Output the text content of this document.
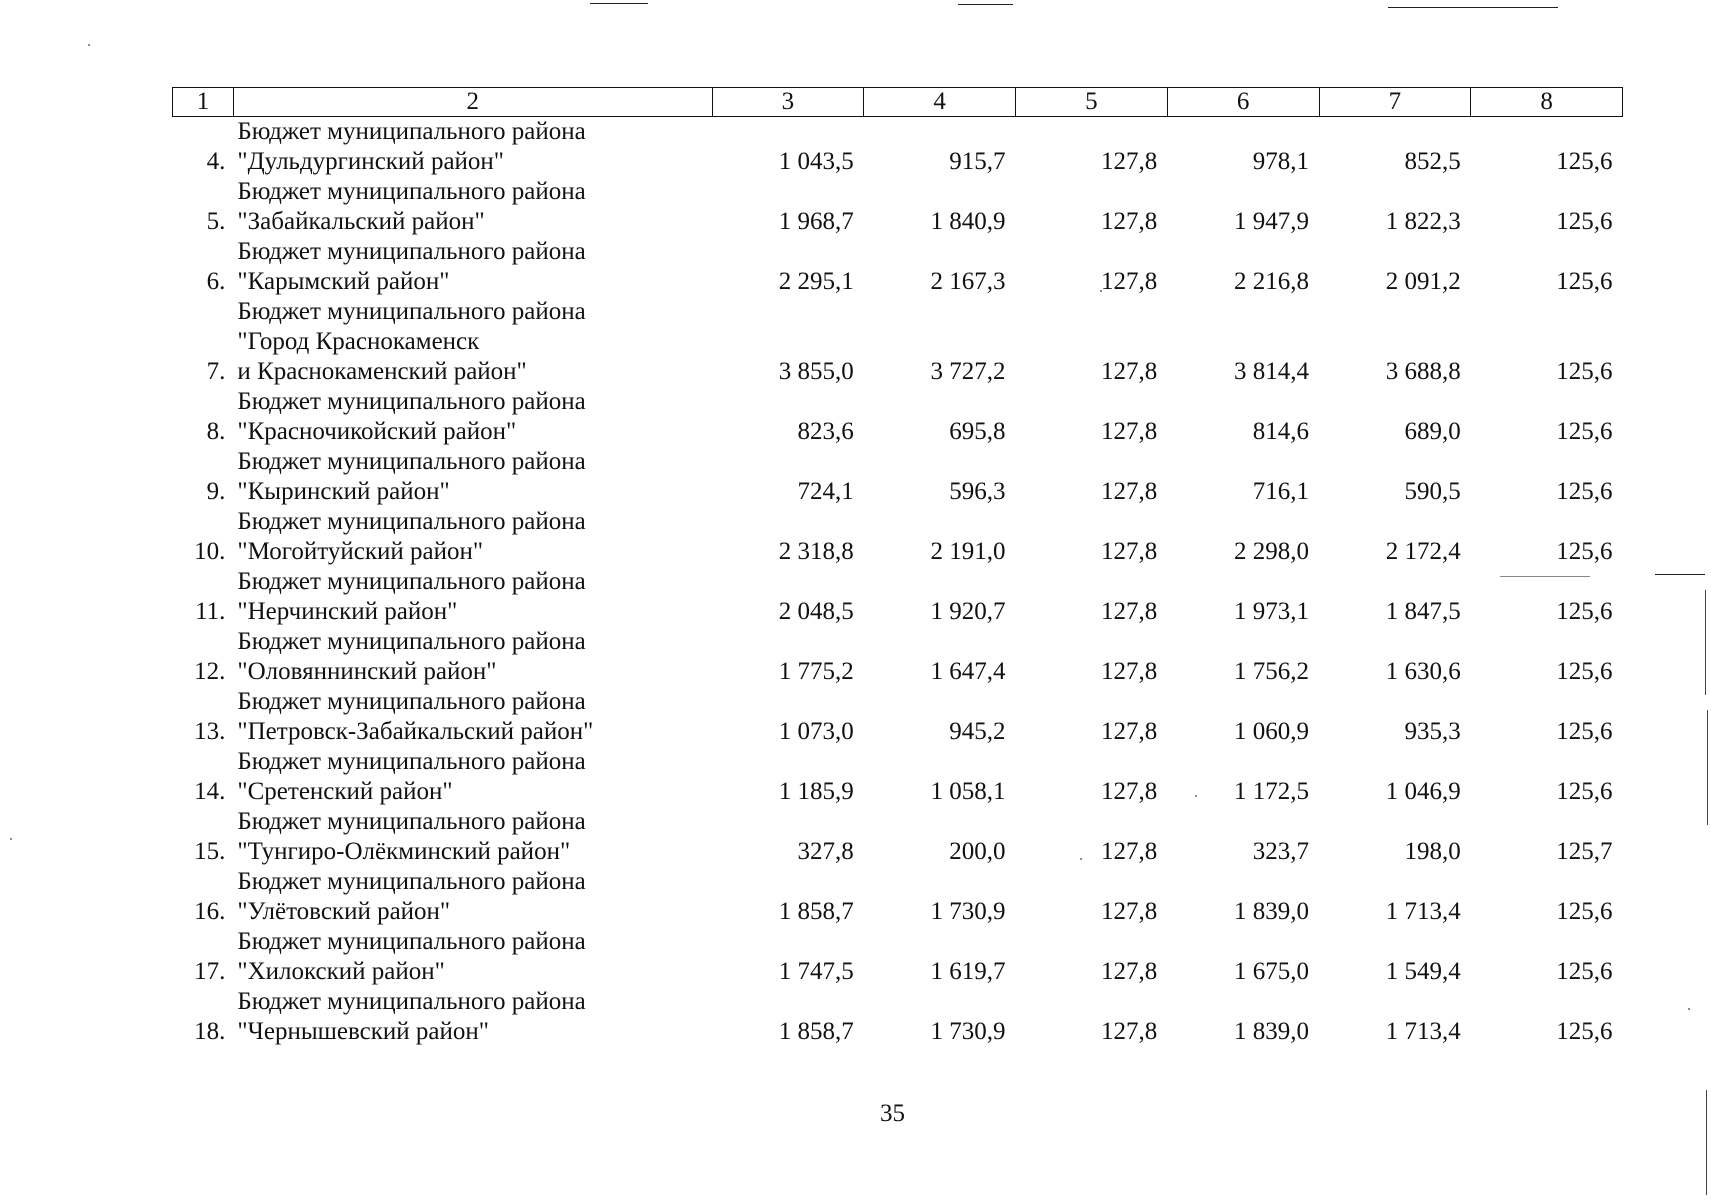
1	2	3	4	5	6	7	8
4.	Бюджет муниципального района
"Дульдургинский район"	1 043,5	915,7	127,8	978,1	852,5	125,6
5.	Бюджет муниципального района
"Забайкальский район"	1 968,7	1 840,9	127,8	1 947,9	1 822,3	125,6
6.	Бюджет муниципального района
"Карымский район"	2 295,1	2 167,3	127,8	2 216,8	2 091,2	125,6
7.	Бюджет муниципального района
"Город Краснокаменск
и Краснокаменский район"	3 855,0	3 727,2	127,8	3 814,4	3 688,8	125,6
8.	Бюджет муниципального района
"Красночикойский район"	823,6	695,8	127,8	814,6	689,0	125,6
9.	Бюджет муниципального района
"Кыринский район"	724,1	596,3	127,8	716,1	590,5	125,6
10.	Бюджет муниципального района
"Могойтуйский район"	2 318,8	2 191,0	127,8	2 298,0	2 172,4	125,6
11.	Бюджет муниципального района
"Нерчинский район"	2 048,5	1 920,7	127,8	1 973,1	1 847,5	125,6
12.	Бюджет муниципального района
"Оловяннинский район"	1 775,2	1 647,4	127,8	1 756,2	1 630,6	125,6
13.	Бюджет муниципального района
"Петровск-Забайкальский район"	1 073,0	945,2	127,8	1 060,9	935,3	125,6
14.	Бюджет муниципального района
"Сретенский район"	1 185,9	1 058,1	127,8	1 172,5	1 046,9	125,6
15.	Бюджет муниципального района
"Тунгиро-Олёкминский район"	327,8	200,0	127,8	323,7	198,0	125,7
16.	Бюджет муниципального района
"Улётовский район"	1 858,7	1 730,9	127,8	1 839,0	1 713,4	125,6
17.	Бюджет муниципального района
"Хилокский район"	1 747,5	1 619,7	127,8	1 675,0	1 549,4	125,6
18.	Бюджет муниципального района
"Чернышевский район"	1 858,7	1 730,9	127,8	1 839,0	1 713,4	125,6
35
